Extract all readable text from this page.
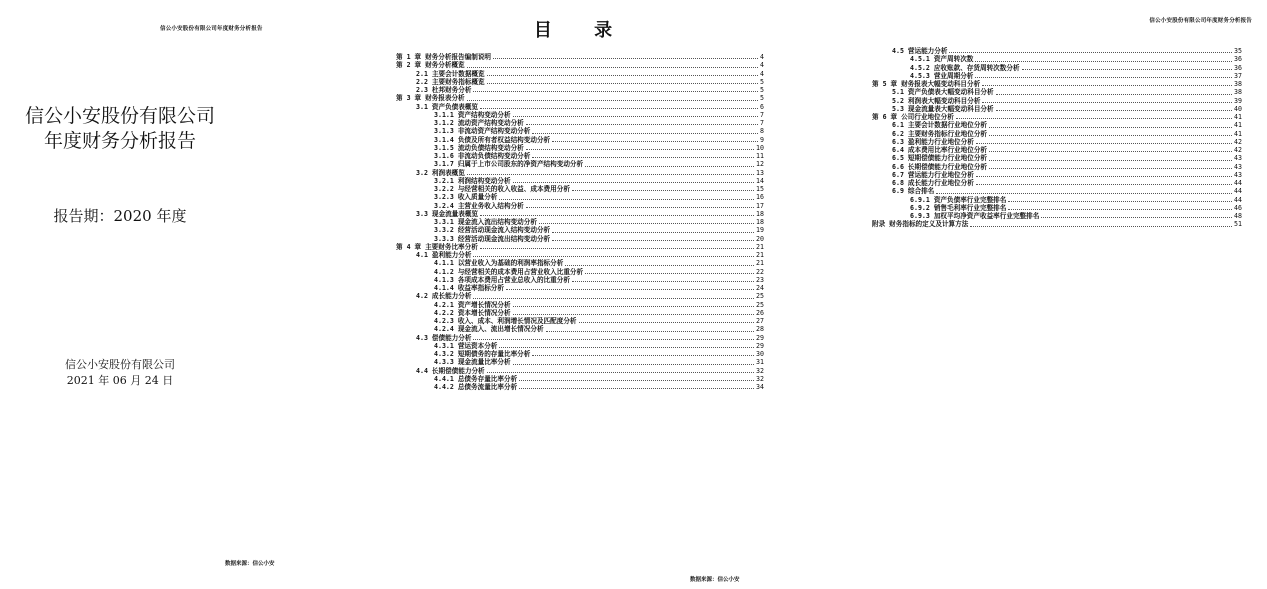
信公小安股份有限公司年度财务分析报告
信公小安股份有限公司
年度财务分析报告
报告期：2020 年度
信公小安股份有限公司
2021 年 06 月 24 日
数据来源：信公小安
目 录
第 1 章 财务分析报告编制说明	4
第 2 章 财务分析概览	4
2.1 主要会计数据概览	4
2.2 主要财务指标概览	5
2.3 杜邦财务分析	5
第 3 章 财务报表分析	5
3.1 资产负债表概览	6
3.1.1 资产结构变动分析	7
3.1.2 流动资产结构变动分析	7
3.1.3 非流动资产结构变动分析	8
3.1.4 负债及所有者权益结构变动分析	9
3.1.5 流动负债结构变动分析	10
3.1.6 非流动负债结构变动分析	11
3.1.7 归属于上市公司股东的净资产结构变动分析	12
3.2 利润表概览	13
3.2.1 利润结构变动分析	14
3.2.2 与经营相关的收入收益、成本费用分析	15
3.2.3 收入质量分析	16
3.2.4 主营业务收入结构分析	17
3.3 现金流量表概览	18
3.3.1 现金流入流出结构变动分析	18
3.3.2 经营活动现金流入结构变动分析	19
3.3.3 经营活动现金流出结构变动分析	20
第 4 章 主要财务比率分析	21
4.1 盈利能力分析	21
4.1.1 以营业收入为基础的利润率指标分析	21
4.1.2 与经营相关的成本费用占营业收入比重分析	22
4.1.3 各项成本费用占营业总收入的比重分析	23
4.1.4 收益率指标分析	24
4.2 成长能力分析	25
4.2.1 资产增长情况分析	25
4.2.2 资本增长情况分析	26
4.2.3 收入、成本、利润增长情况及匹配度分析	27
4.2.4 现金流入、流出增长情况分析	28
4.3 偿债能力分析	29
4.3.1 营运资本分析	29
4.3.2 短期债务的存量比率分析	30
4.3.3 现金流量比率分析	31
4.4 长期偿债能力分析	32
4.4.1 总债务存量比率分析	32
4.4.2 总债务流量比率分析	34
数据来源：信公小安
信公小安股份有限公司年度财务分析报告
4.5 营运能力分析	35
4.5.1 资产周转次数	36
4.5.2 应收账款、存货周转次数分析	36
4.5.3 营业周期分析	37
第 5 章 财务报表大幅变动科目分析	38
5.1 资产负债表大幅变动科目分析	38
5.2 利润表大幅变动科目分析	39
5.3 现金流量表大幅变动科目分析	40
第 6 章 公司行业地位分析	41
6.1 主要会计数据行业地位分析	41
6.2 主要财务指标行业地位分析	41
6.3 盈利能力行业地位分析	42
6.4 成本费用比率行业地位分析	42
6.5 短期偿债能力行业地位分析	43
6.6 长期偿债能力行业地位分析	43
6.7 营运能力行业地位分析	43
6.8 成长能力行业地位分析	44
6.9 综合排名	44
6.9.1 资产负债率行业完整排名	44
6.9.2 销售毛利率行业完整排名	46
6.9.3 加权平均净资产收益率行业完整排名	48
附录 财务指标的定义及计算方法	51
